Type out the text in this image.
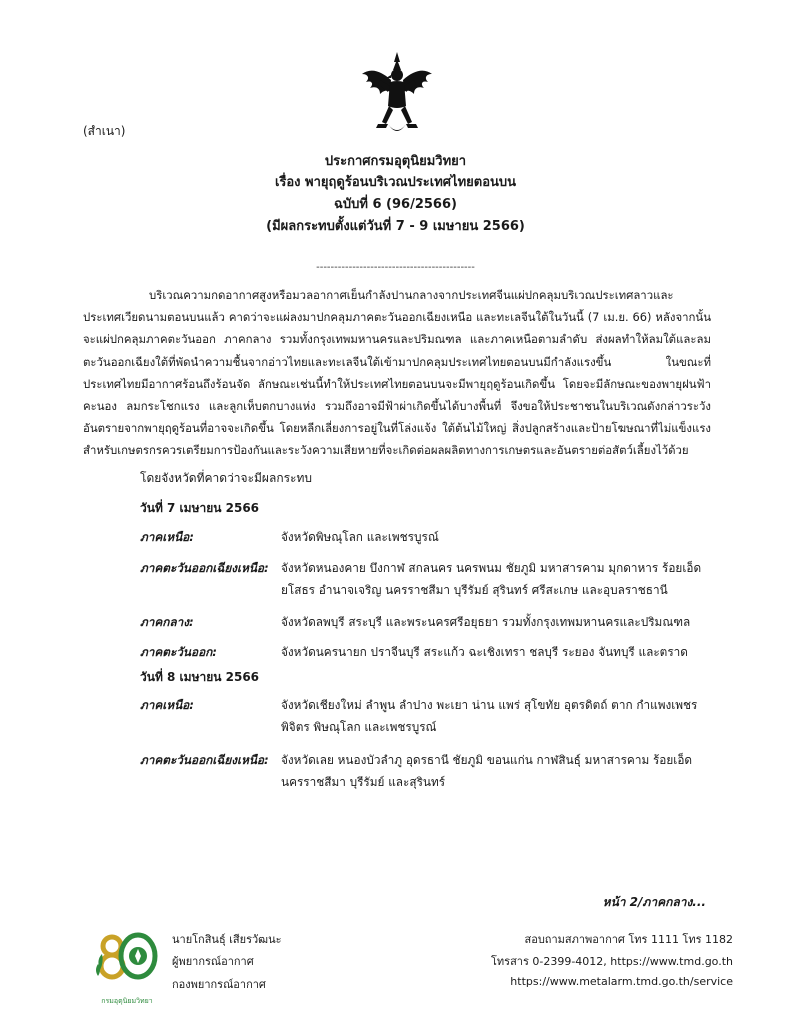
(สำเนา)
ประกาศกรมอุตุนิยมวิทยา
เรื่อง พายุฤดูร้อนบริเวณประเทศไทยตอนบน
ฉบับที่ 6 (96/2566)
(มีผลกระทบตั้งแต่วันที่ 7 - 9 เมษายน 2566)
--------------------------------------------
บริเวณความกดอากาศสูงหรือมวลอากาศเย็นกำลังปานกลางจากประเทศจีนแผ่ปกคลุมบริเวณประเทศลาวและประเทศเวียดนามตอนบนแล้ว คาดว่าจะแผ่ลงมาปกคลุมภาคตะวันออกเฉียงเหนือ และทะเลจีนใต้ในวันนี้ (7 เม.ย. 66) หลังจากนั้นจะแผ่ปกคลุมภาคตะวันออก ภาคกลาง รวมทั้งกรุงเทพมหานครและปริมณฑล และภาคเหนือตามลำดับ ส่งผลทำให้ลมใต้และลมตะวันออกเฉียงใต้ที่พัดนำความชื้นจากอ่าวไทยและทะเลจีนใต้เข้ามาปกคลุมประเทศไทยตอนบนมีกำลังแรงขึ้น ในขณะที่ประเทศไทยมีอากาศร้อนถึงร้อนจัด ลักษณะเช่นนี้ทำให้ประเทศไทยตอนบนจะมีพายุฤดูร้อนเกิดขึ้น โดยจะมีลักษณะของพายุฝนฟ้าคะนอง ลมกระโชกแรง และลูกเห็บตกบางแห่ง รวมถึงอาจมีฟ้าผ่าเกิดขึ้นได้บางพื้นที่ จึงขอให้ประชาชนในบริเวณดังกล่าวระวังอันตรายจากพายุฤดูร้อนที่อาจจะเกิดขึ้น โดยหลีกเลี่ยงการอยู่ในที่โล่งแจ้ง ใต้ต้นไม้ใหญ่ สิ่งปลูกสร้างและป้ายโฆษณาที่ไม่แข็งแรง สำหรับเกษตรกรควรเตรียมการป้องกันและระวังความเสียหายที่จะเกิดต่อผลผลิตทางการเกษตรและอันตรายต่อสัตว์เลี้ยงไว้ด้วย
โดยจังหวัดที่คาดว่าจะมีผลกระทบ
วันที่ 7 เมษายน 2566
ภาคเหนือ:	จังหวัดพิษณุโลก และเพชรบูรณ์
ภาคตะวันออกเฉียงเหนือ: จังหวัดหนองคาย บึงกาฬ สกลนคร นครพนม ชัยภูมิ มหาสารคาม มุกดาหาร ร้อยเอ็ด ยโสธร อำนาจเจริญ นครราชสีมา บุรีรัมย์ สุรินทร์ ศรีสะเกษ และอุบลราชธานี
ภาคกลาง:	จังหวัดลพบุรี สระบุรี และพระนครศรีอยุธยา รวมทั้งกรุงเทพมหานครและปริมณฑล
ภาคตะวันออก:	จังหวัดนครนายก ปราจีนบุรี สระแก้ว ฉะเชิงเทรา ชลบุรี ระยอง จันทบุรี และตราด
วันที่ 8 เมษายน 2566
ภาคเหนือ:	จังหวัดเชียงใหม่ ลำพูน ลำปาง พะเยา น่าน แพร่ สุโขทัย อุตรดิตถ์ ตาก กำแพงเพชร พิจิตร พิษณุโลก และเพชรบูรณ์
ภาคตะวันออกเฉียงเหนือ: จังหวัดเลย หนองบัวลำภู อุดรธานี ชัยภูมิ ขอนแก่น กาฬสินธุ์ มหาสารคาม ร้อยเอ็ด นครราชสีมา บุรีรัมย์ และสุรินทร์
หน้า 2/ภาคกลาง...
กรมอุตุนิยมวิทยา
นายโกสินธุ์ เสียรวัฒนะ
ผู้พยากรณ์อากาศ
กองพยากรณ์อากาศ
สอบถามสภาพอากาศ โทร 1111 โทร 1182
โทรสาร 0-2399-4012, https://www.tmd.go.th
https://www.metalarm.tmd.go.th/service
